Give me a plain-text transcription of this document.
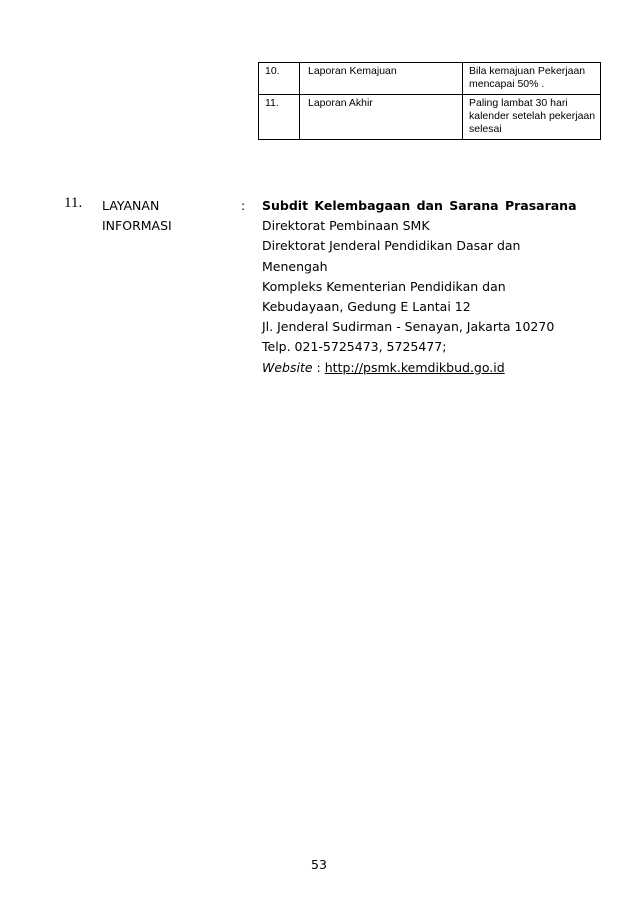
10.	Laporan Kemajuan	Bila kemajuan Pekerjaan mencapai 50% .
11.	Laporan Akhir	Paling lambat 30 hari kalender setelah pekerjaan selesai
11. LAYANAN
INFORMASI
: Subdit Kelembagaan dan Sarana Prasarana
Direktorat Pembinaan SMK
Direktorat Jenderal Pendidikan Dasar dan
Menengah
Kompleks Kementerian Pendidikan dan
Kebudayaan, Gedung E Lantai 12
Jl. Jenderal Sudirman - Senayan, Jakarta 10270
Telp. 021-5725473, 5725477;
Website : http://psmk.kemdikbud.go.id
53
